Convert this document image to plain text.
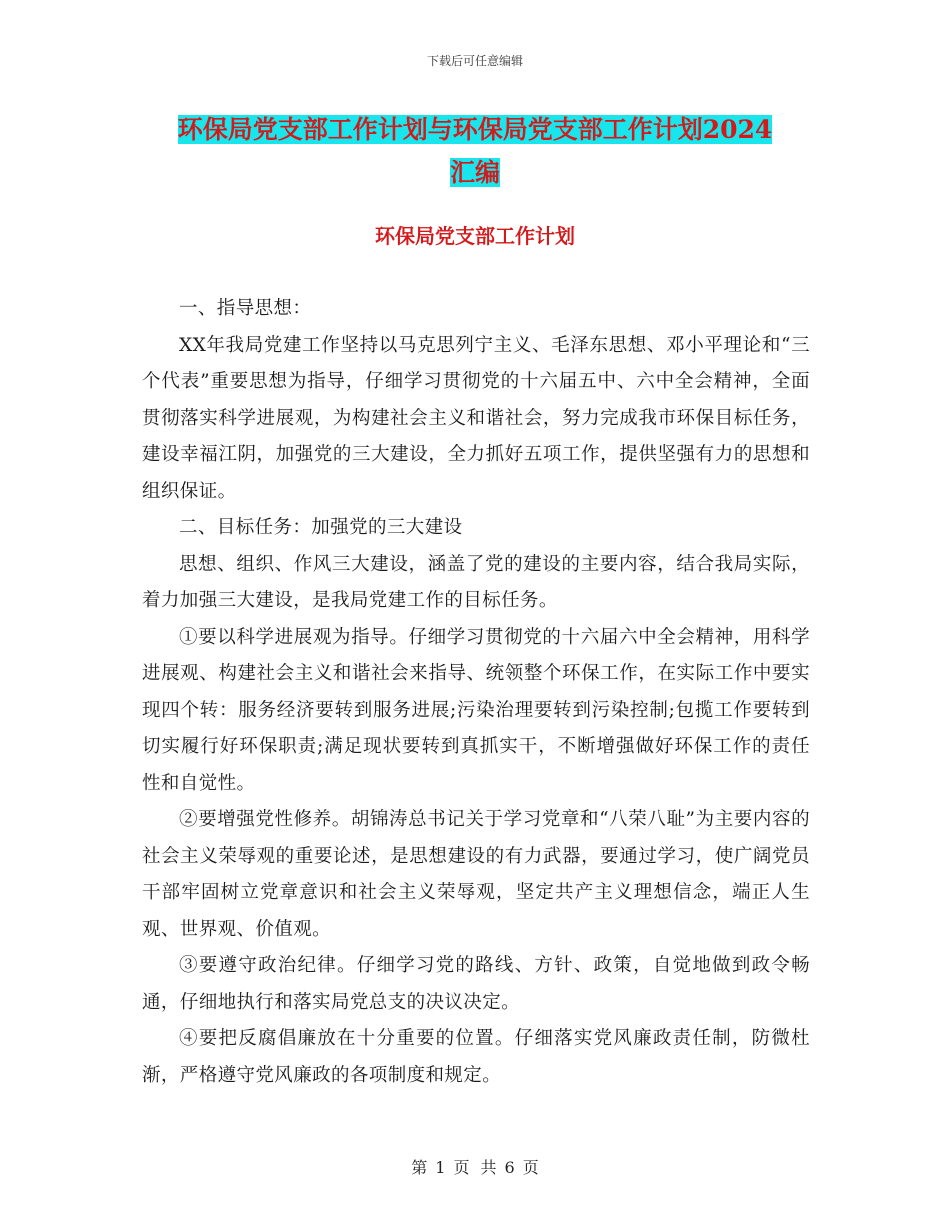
下载后可任意编辑
环保局党支部工作计划与环保局党支部工作计划2024
汇编
环保局党支部工作计划

一、指导思想：

XX年我局党建工作坚持以马克思列宁主义、毛泽东思想、邓小平理论和“三个代表”重要思想为指导，仔细学习贯彻党的十六届五中、六中全会精神，全面贯彻落实科学进展观，为构建社会主义和谐社会，努力完成我市环保目标任务，建设幸福江阴，加强党的三大建设，全力抓好五项工作，提供坚强有力的思想和组织保证。

二、目标任务：加强党的三大建设

思想、组织、作风三大建设，涵盖了党的建设的主要内容，结合我局实际，着力加强三大建设，是我局党建工作的目标任务。

①要以科学进展观为指导。仔细学习贯彻党的十六届六中全会精神，用科学进展观、构建社会主义和谐社会来指导、统领整个环保工作，在实际工作中要实现四个转：服务经济要转到服务进展;污染治理要转到污染控制;包揽工作要转到切实履行好环保职责;满足现状要转到真抓实干，不断增强做好环保工作的责任性和自觉性。

②要增强党性修养。胡锦涛总书记关于学习党章和“八荣八耻”为主要内容的社会主义荣辱观的重要论述，是思想建设的有力武器，要通过学习，使广阔党员干部牢固树立党章意识和社会主义荣辱观，坚定共产主义理想信念，端正人生观、世界观、价值观。

③要遵守政治纪律。仔细学习党的路线、方针、政策，自觉地做到政令畅通，仔细地执行和落实局党总支的决议决定。

④要把反腐倡廉放在十分重要的位置。仔细落实党风廉政责任制，防微杜渐，严格遵守党风廉政的各项制度和规定。

第 1 页 共 6 页
